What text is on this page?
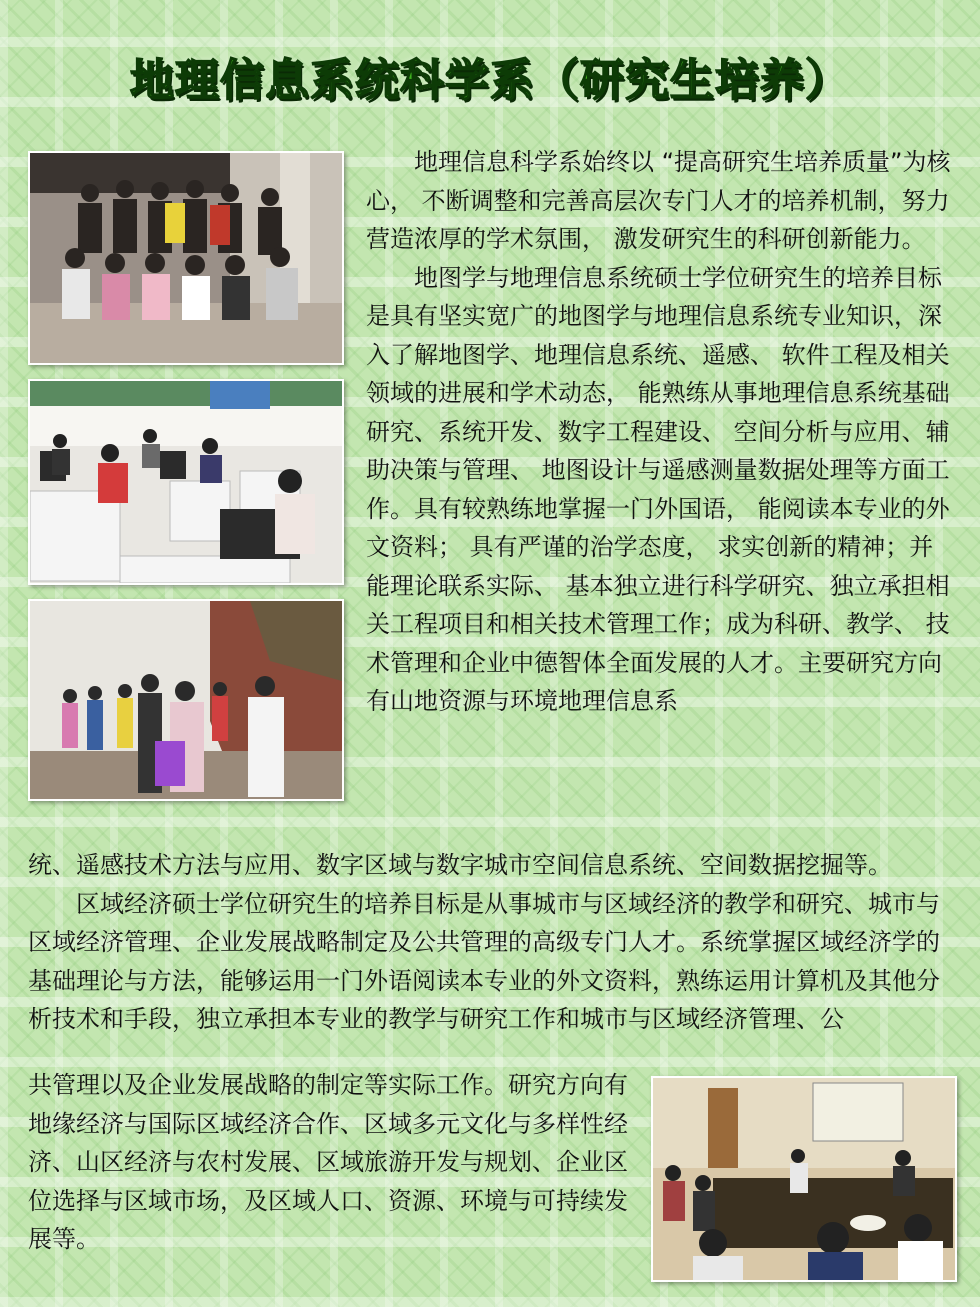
地理信息系统科学系（研究生培养）

地理信息科学系始终以 “提高研究生培养质量”为核心， 不断调整和完善高层次专门人才的培养机制，努力营造浓厚的学术氛围， 激发研究生的科研创新能力。

地图学与地理信息系统硕士学位研究生的培养目标是具有坚实宽广的地图学与地理信息系统专业知识，深入了解地图学、地理信息系统、遥感、 软件工程及相关领域的进展和学术动态， 能熟练从事地理信息系统基础研究、系统开发、数字工程建设、 空间分析与应用、辅助决策与管理、 地图设计与遥感测量数据处理等方面工作。具有较熟练地掌握一门外国语， 能阅读本专业的外文资料； 具有严谨的治学态度， 求实创新的精神；并能理论联系实际、 基本独立进行科学研究、独立承担相关工程项目和相关技术管理工作；成为科研、教学、 技术管理和企业中德智体全面发展的人才。主要研究方向有山地资源与环境地理信息系

统、遥感技术方法与应用、数字区域与数字城市空间信息系统、空间数据挖掘等。

区域经济硕士学位研究生的培养目标是从事城市与区域经济的教学和研究、城市与区域经济管理、企业发展战略制定及公共管理的高级专门人才。系统掌握区域经济学的基础理论与方法，能够运用一门外语阅读本专业的外文资料，熟练运用计算机及其他分析技术和手段，独立承担本专业的教学与研究工作和城市与区域经济管理、公

共管理以及企业发展战略的制定等实际工作。研究方向有地缘经济与国际区域经济合作、区域多元文化与多样性经济、山区经济与农村发展、区域旅游开发与规划、企业区位选择与区域市场，及区域人口、资源、环境与可持续发展等。
